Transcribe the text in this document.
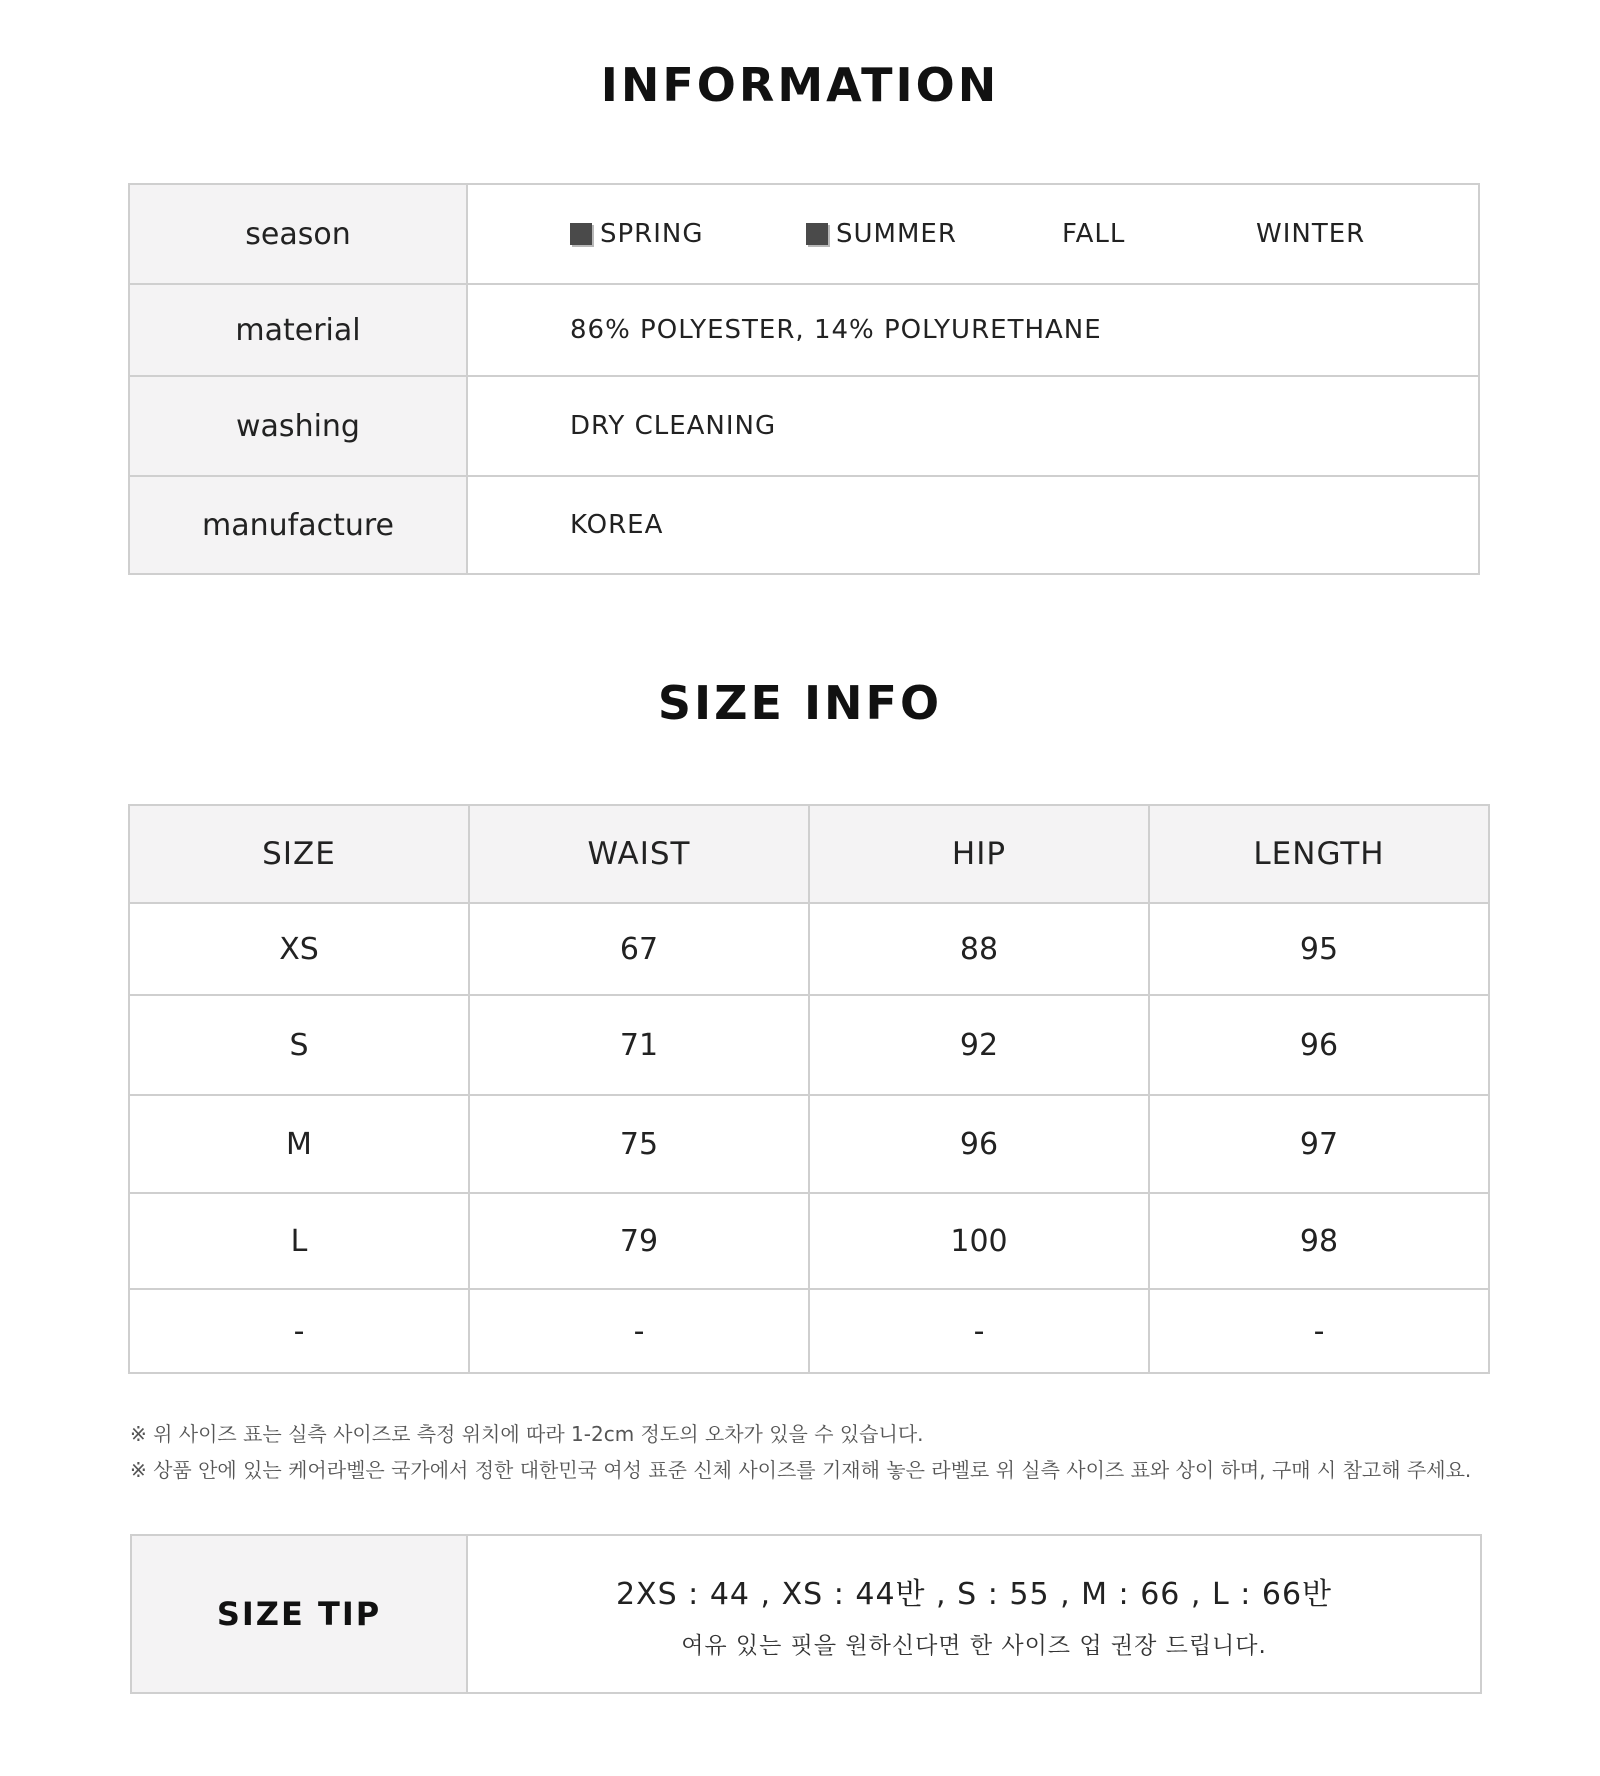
INFORMATION
season	SPRING SUMMER FALL WINTER

material	86% POLYESTER, 14% POLYURETHANE
washing	DRY CLEANING
manufacture	KOREA
SIZE INFO
SIZE	WAIST	HIP	LENGTH
XS	67	88	95
S	71	92	96
M	75	96	97
L	79	100	98
-	-	-	-
※ 위 사이즈 표는 실측 사이즈로 측정 위치에 따라 1-2cm 정도의 오차가 있을 수 있습니다.
※ 상품 안에 있는 케어라벨은 국가에서 정한 대한민국 여성 표준 신체 사이즈를 기재해 놓은 라벨로 위 실측 사이즈 표와 상이 하며, 구매 시 참고해 주세요.
SIZE TIP	
2XS : 44 , XS : 44반 , S : 55 , M : 66 , L : 66반
여유 있는 핏을 원하신다면 한 사이즈 업 권장 드립니다.
